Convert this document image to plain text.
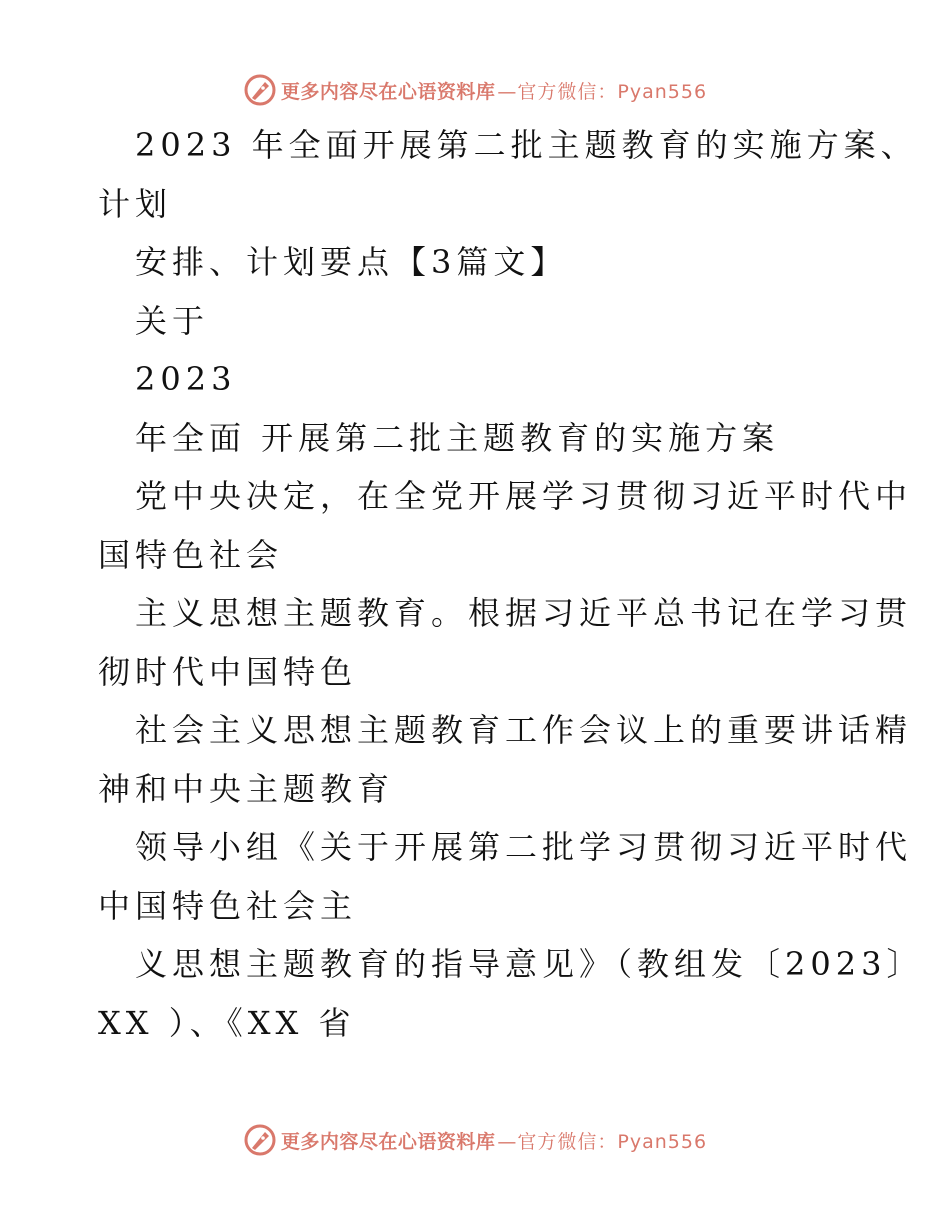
更多内容尽在心语资料库 —官方微信：Pyan556
2023 年全面开展第二批主题教育的实施方案、
计划
安排、计划要点【3篇文】
关于
2023
年全面 开展第二批主题教育的实施方案
党中央决定，在全党开展学习贯彻习近平时代中
国特色社会
主义思想主题教育。根据习近平总书记在学习贯
彻时代中国特色
社会主义思想主题教育工作会议上的重要讲话精
神和中央主题教育
领导小组《关于开展第二批学习贯彻习近平时代
中国特色社会主
义思想主题教育的指导意见》（教组发〔2023〕
XX ）、《XX 省
更多内容尽在心语资料库 —官方微信：Pyan556
